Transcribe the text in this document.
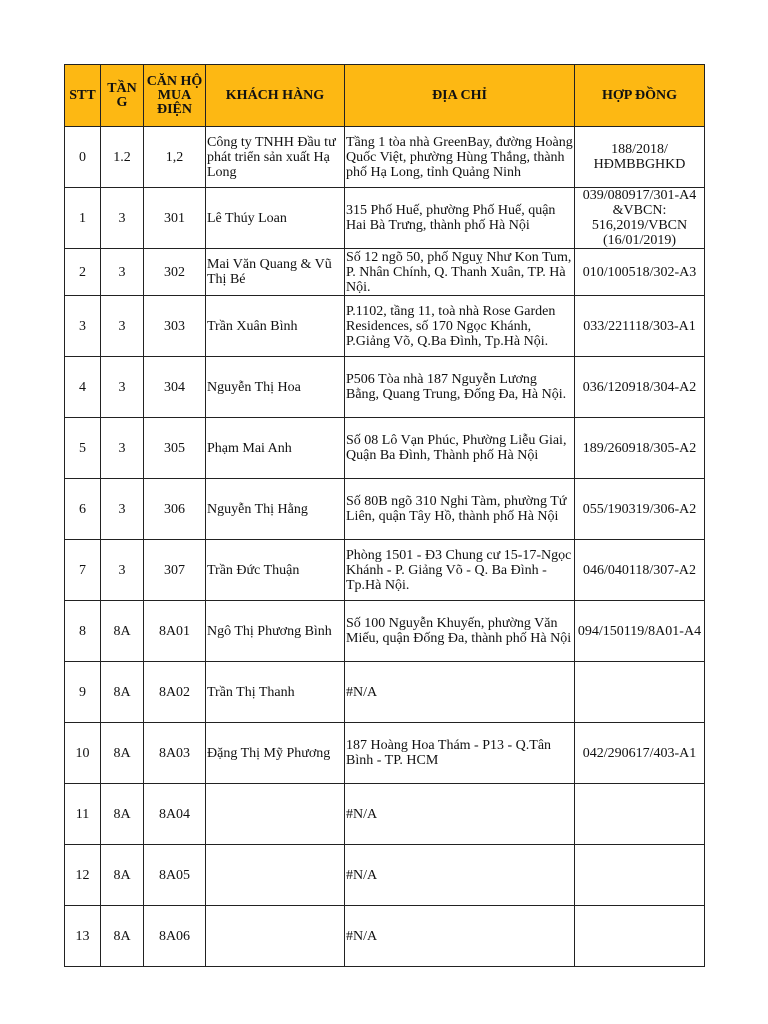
STT	TẦN G	CĂN HỘ MUA ĐIỆN	KHÁCH HÀNG	ĐỊA CHỈ	HỢP ĐỒNG

0	1.2	1,2	Công ty TNHH Đầu tư phát triển sản xuất Hạ Long	Tầng 1 tòa nhà GreenBay, đường Hoàng Quốc Việt, phường Hùng Thắng, thành phố Hạ Long, tỉnh Quảng Ninh	188/2018/ HĐMBBGHKD

1	3	301	Lê Thúy Loan	315 Phố Huế, phường Phố Huế, quận Hai Bà Trưng, thành phố Hà Nội	039/080917/301-A4 &VBCN: 516,2019/VBCN (16/01/2019)

2	3	302	Mai Văn Quang & Vũ Thị Bé	Số 12 ngõ 50, phố Nguỵ Như Kon Tum, P. Nhân Chính, Q. Thanh Xuân, TP. Hà Nội.	010/100518/302-A3

3	3	303	Trần Xuân Bình	P.1102, tầng 11, toà nhà Rose Garden Residences, số 170 Ngọc Khánh, P.Giảng Võ, Q.Ba Đình, Tp.Hà Nội.	033/221118/303-A1

4	3	304	Nguyễn Thị Hoa	P506 Tòa nhà 187 Nguyễn Lương Bằng, Quang Trung, Đống Đa, Hà Nội.	036/120918/304-A2

5	3	305	Phạm Mai Anh	Số 08 Lô Vạn Phúc, Phường Liễu Giai, Quận Ba Đình, Thành phố Hà Nội	189/260918/305-A2

6	3	306	Nguyễn Thị Hằng	Số 80B ngõ 310 Nghi Tàm, phường Tứ Liên, quận Tây Hồ, thành phố Hà Nội	055/190319/306-A2

7	3	307	Trần Đức Thuận	Phòng 1501 - Đ3 Chung cư 15-17-Ngọc Khánh - P. Giảng Võ - Q. Ba Đình - Tp.Hà Nội.	046/040118/307-A2

8	8A	8A01	Ngô Thị Phương Bình	Số 100 Nguyễn Khuyến, phường Văn Miếu, quận Đống Đa, thành phố Hà Nội	094/150119/8A01-A4

9	8A	8A02	Trần Thị Thanh	#N/A	

10	8A	8A03	Đặng Thị Mỹ Phương	187 Hoàng Hoa Thám - P13 - Q.Tân Bình - TP. HCM	042/290617/403-A1

11	8A	8A04		#N/A	

12	8A	8A05		#N/A	

13	8A	8A06		#N/A	
